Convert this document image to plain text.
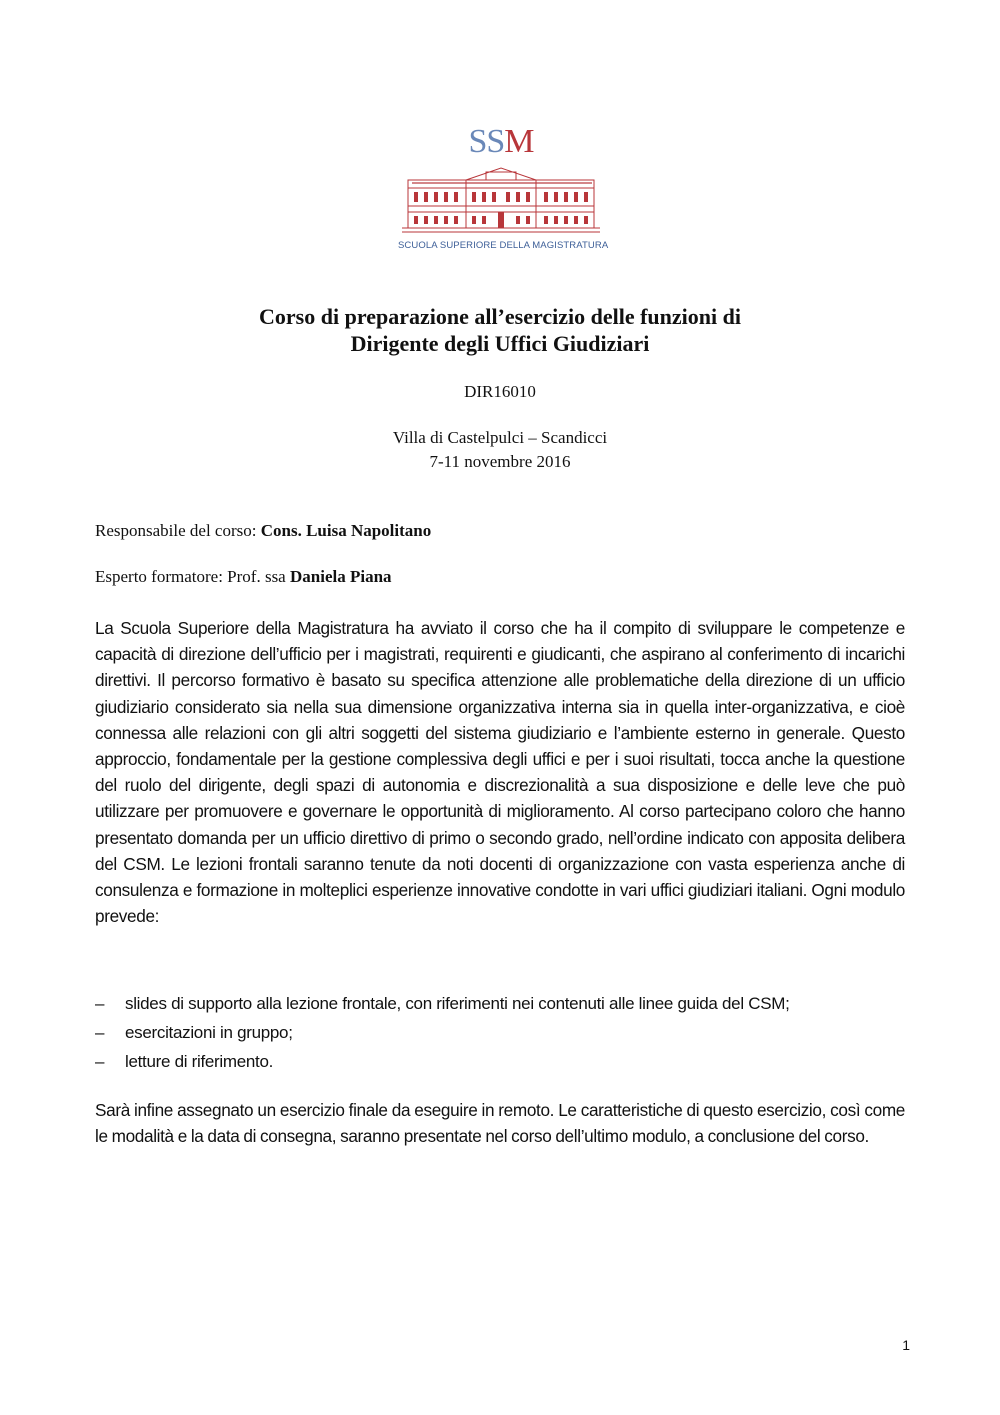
SSM
SCUOLA SUPERIORE DELLA MAGISTRATURA
Corso di preparazione all’esercizio delle funzioni di
Dirigente degli Uffici Giudiziari
DIR16010
Villa di Castelpulci – Scandicci
7-11 novembre 2016
Responsabile del corso: Cons. Luisa Napolitano
Esperto formatore: Prof. ssa Daniela Piana

La Scuola Superiore della Magistratura ha avviato il corso che ha il compito di sviluppare le competenze e capacità di direzione dell’ufficio per i magistrati, requirenti e giudicanti, che aspirano al conferimento di incarichi direttivi. Il percorso formativo è basato su specifica attenzione alle problematiche della direzione di un ufficio giudiziario considerato sia nella sua dimensione organizzativa interna sia in quella inter-organizzativa, e cioè connessa alle relazioni con gli altri soggetti del sistema giudiziario e l’ambiente esterno in generale. Questo approccio, fondamentale per la gestione complessiva degli uffici e per i suoi risultati, tocca anche la questione del ruolo del dirigente, degli spazi di autonomia e discrezionalità a sua disposizione e delle leve che può utilizzare per promuovere e governare le opportunità di miglioramento. Al corso partecipano coloro che hanno presentato domanda per un ufficio direttivo di primo o secondo grado, nell’ordine indicato con apposita delibera del CSM. Le lezioni frontali saranno tenute da noti docenti di organizzazione con vasta esperienza anche di consulenza e formazione in molteplici esperienze innovative condotte in vari uffici giudiziari italiani. Ogni modulo prevede:

– slides di supporto alla lezione frontale, con riferimenti nei contenuti alle linee guida del CSM;
– esercitazioni in gruppo;
– letture di riferimento.

Sarà infine assegnato un esercizio finale da eseguire in remoto. Le caratteristiche di questo esercizio, così come le modalità e la data di consegna, saranno presentate nel corso dell’ultimo modulo, a conclusione del corso.

1
